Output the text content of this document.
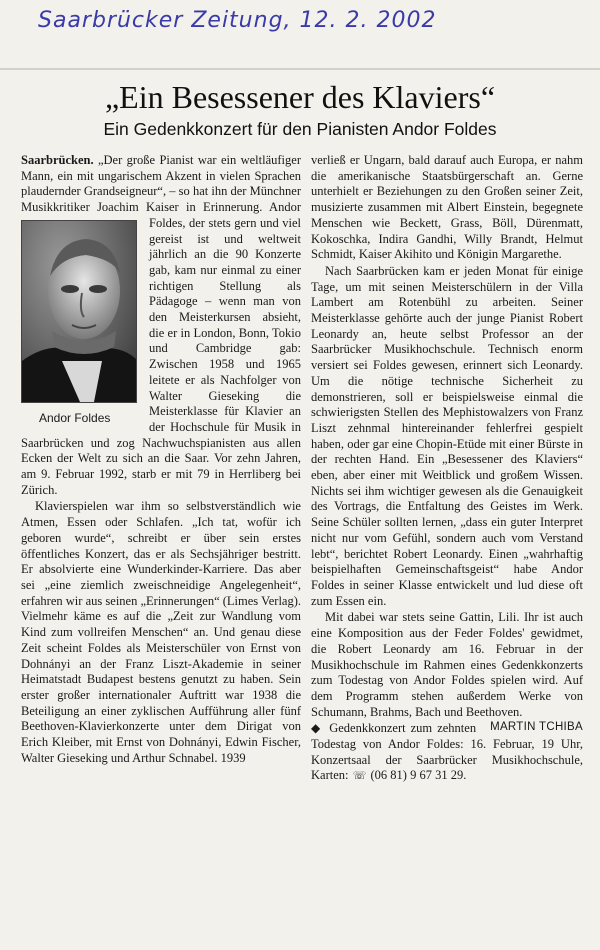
Saarbrücker Zeitung, 12. 2. 2002
„Ein Besessener des Klaviers“
Ein Gedenkkonzert für den Pianisten Andor Foldes

Saarbrücken. „Der große Pianist war ein weltläufiger Mann, ein mit ungarischem Akzent in vielen Sprachen plaudernder Grandseigneur“, – so hat ihn der Münchner Musikkritiker Joachim Kaiser in Er
Andor Foldes
innerung. Andor Foldes, der stets gern und viel gereist ist und weltweit jährlich an die 90 Konzerte gab, kam nur einmal zu einer richtigen Stellung als Pädagoge – wenn man von den Meisterkursen absieht, die er in London, Bonn, Tokio und Cambridge gab: Zwischen 1958 und 1965 leitete er als Nachfolger von Walter Gieseking die Meisterklasse für Klavier an der Hochschule für Musik in Saarbrücken und zog Nachwuchspianisten aus allen Ecken der Welt zu sich an die Saar. Vor zehn Jahren, am 9. Februar 1992, starb er mit 79 in Herrliberg bei Zürich.

Klavierspielen war ihm so selbstverständlich wie Atmen, Essen oder Schlafen. „Ich tat, wofür ich geboren wurde“, schreibt er über sein erstes öffentliches Konzert, das er als Sechsjähriger bestritt. Er absolvierte eine Wunderkinder-Karriere. Das aber sei „eine ziemlich zweischneidige Angelegenheit“, erfahren wir aus seinen „Erinnerungen“ (Limes Verlag). Vielmehr käme es auf die „Zeit zur Wandlung vom Kind zum vollreifen Menschen“ an. Und genau diese Zeit scheint Foldes als Meisterschüler von Ernst von Dohnányi an der Franz Liszt-Akademie in seiner Heimatstadt Budapest bestens genutzt zu haben. Sein erster großer internationaler Auftritt war 1938 die Beteiligung an einer zyklischen Aufführung aller fünf Beethoven-Klavierkonzerte unter dem Dirigat von Erich Kleiber, mit Ernst von Dohnányi, Edwin Fischer, Walter Gieseking und Arthur Schnabel. 1939

verließ er Ungarn, bald darauf auch Europa, er nahm die amerikanische Staatsbürgerschaft an. Gerne unterhielt er Beziehungen zu den Großen seiner Zeit, musizierte zusammen mit Albert Einstein, begegnete Menschen wie Beckett, Grass, Böll, Dürenmatt, Kokoschka, Indira Gandhi, Willy Brandt, Helmut Schmidt, Kaiser Akihito und Königin Margarethe.

Nach Saarbrücken kam er jeden Monat für einige Tage, um mit seinen Meisterschülern in der Villa Lambert am Rotenbühl zu arbeiten. Seiner Meisterklasse gehörte auch der junge Pianist Robert Leonardy an, heute selbst Professor an der Saarbrücker Musikhochschule. Technisch enorm versiert sei Foldes gewesen, erinnert sich Leonardy. Um die nötige technische Sicherheit zu demonstrieren, soll er beispielsweise einmal die schwierigsten Stellen des Mephistowalzers von Franz Liszt zehnmal hintereinander fehlerfrei gespielt haben, oder gar eine Chopin-Etüde mit einer Bürste in der rechten Hand. Ein „Besessener des Klaviers“ eben, aber einer mit Weitblick und großem Wissen. Nichts sei ihm wichtiger gewesen als die Genauigkeit des Vortrags, die Entfaltung des Geistes im Werk. Seine Schüler sollten lernen, „dass ein guter Interpret nicht nur vom Gefühl, sondern auch vom Verstand lebt“, berichtet Robert Leonardy. Einen „wahrhaftig beispielhaften Gemeinschaftsgeist“ habe Andor Foldes in seiner Klasse entwickelt und lud diese oft zum Essen ein.

Mit dabei war stets seine Gattin, Lili. Ihr ist auch eine Komposition aus der Feder Foldes' gewidmet, die Robert Leonardy am 16. Februar in der Musikhochschule im Rahmen eines Gedenkkonzerts zum Todestag von Andor Foldes spielen wird. Auf dem Programm stehen außerdem Werke von Schumann, Brahms, Bach und Beethoven.
MARTIN TCHIBA

◆ Gedenkkonzert zum zehnten Todestag von Andor Foldes: 16. Februar, 19 Uhr, Konzertsaal der Saarbrücker Musikhochschule, Karten: ☏ (06 81) 9 67 31 29.
